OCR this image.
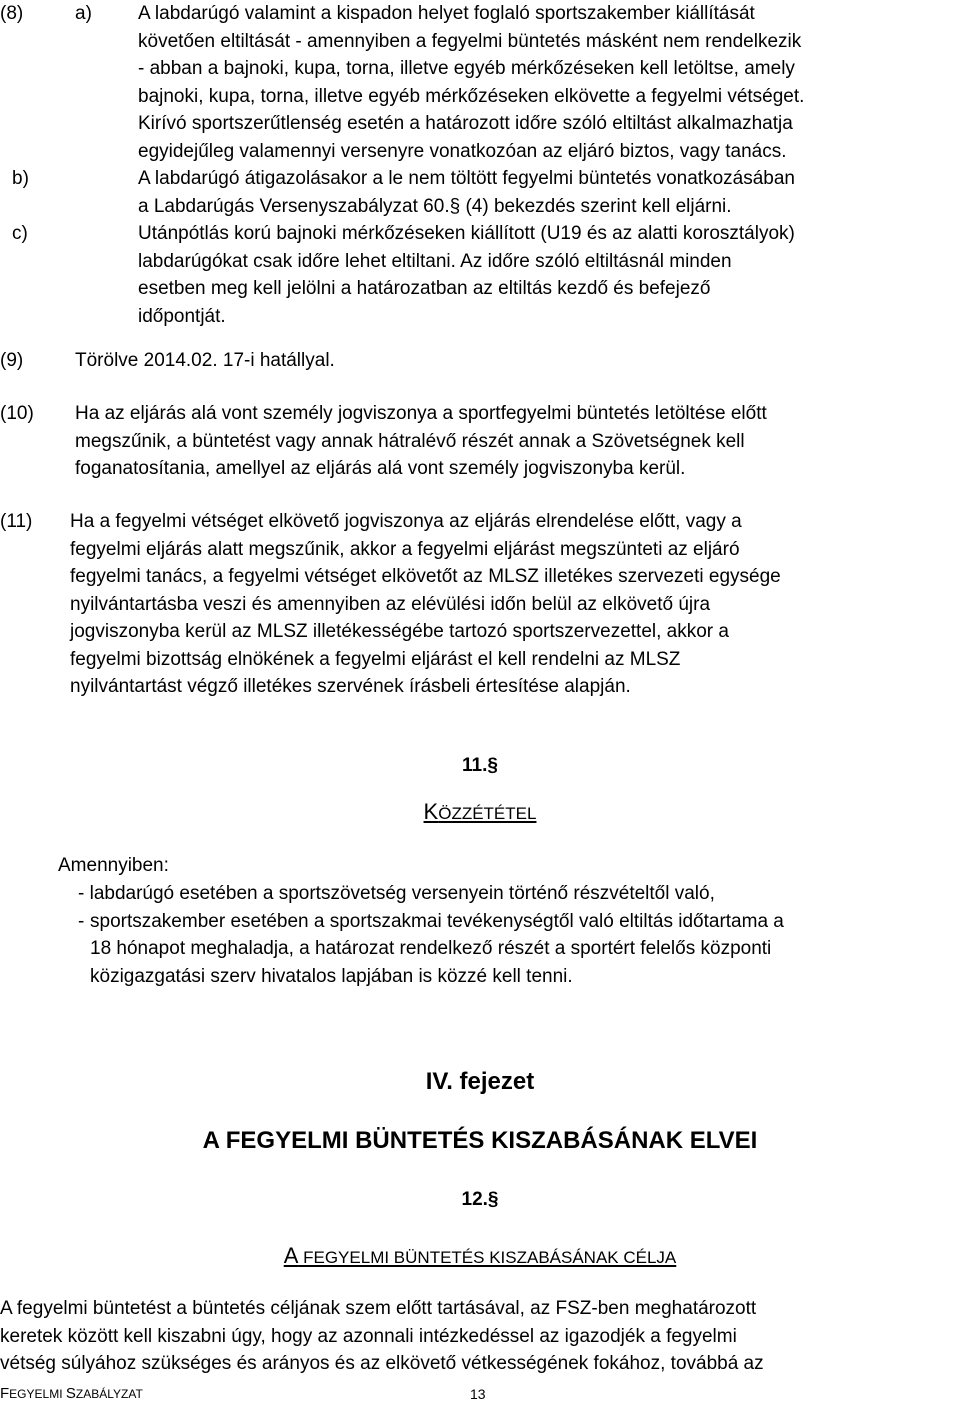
(8)	a) A labdarúgó valamint a kispadon helyet foglaló sportszakember kiállítását
követően eltiltását - amennyiben a fegyelmi büntetés másként nem rendelkezik
- abban a bajnoki, kupa, torna, illetve egyéb mérkőzéseken kell letöltse, amely
bajnoki, kupa, torna, illetve egyéb mérkőzéseken elkövette a fegyelmi vétséget.
Kirívó sportszerűtlenség esetén a határozott időre szóló eltiltást alkalmazhatja
egyidejűleg valamennyi versenyre vonatkozóan az eljáró biztos, vagy tanács.
b)	A labdarúgó átigazolásakor a le nem töltött fegyelmi büntetés vonatkozásában
a Labdarúgás Versenyszabályzat 60.§ (4) bekezdés szerint kell eljárni.
c)	Utánpótlás korú bajnoki mérkőzéseken kiállított (U19 és az alatti korosztályok)
labdarúgókat csak időre lehet eltiltani. Az időre szóló eltiltásnál minden
esetben meg kell jelölni a határozatban az eltiltás kezdő és befejező
időpontját.
(9)	Törölve 2014.02. 17-i hatállyal.
(10) Ha az eljárás alá vont személy jogviszonya a sportfegyelmi büntetés letöltése előtt
megszűnik, a büntetést vagy annak hátralévő részét annak a Szövetségnek kell
foganatosítania, amellyel az eljárás alá vont személy jogviszonyba kerül.
(11) Ha a fegyelmi vétséget elkövető jogviszonya az eljárás elrendelése előtt, vagy a
fegyelmi eljárás alatt megszűnik, akkor a fegyelmi eljárást megszünteti az eljáró
fegyelmi tanács, a fegyelmi vétséget elkövetőt az MLSZ illetékes szervezeti egysége
nyilvántartásba veszi és amennyiben az elévülési időn belül az elkövető újra
jogviszonyba kerül az MLSZ illetékességébe tartozó sportszervezettel, akkor a
fegyelmi bizottság elnökének a fegyelmi eljárást el kell rendelni az MLSZ
nyilvántartást végző illetékes szervének írásbeli értesítése alapján.
11.§
KÖZZÉTÉTEL
Amennyiben:
- labdarúgó esetében a sportszövetség versenyein történő részvételtől való,
- sportszakember esetében a sportszakmai tevékenységtől való eltiltás időtartama a
18 hónapot meghaladja, a határozat rendelkező részét a sportért felelős központi
közigazgatási szerv hivatalos lapjában is közzé kell tenni.
IV. fejezet
A FEGYELMI BÜNTETÉS KISZABÁSÁNAK ELVEI
12.§
A FEGYELMI BÜNTETÉS KISZABÁSÁNAK CÉLJA
A fegyelmi büntetést a büntetés céljának szem előtt tartásával, az FSZ-ben meghatározott
keretek között kell kiszabni úgy, hogy az azonnali intézkedéssel az igazodjék a fegyelmi
vétség súlyához szükséges és arányos és az elkövető vétkességének fokához, továbbá az
FEGYELMI SZABÁLYZAT	13
